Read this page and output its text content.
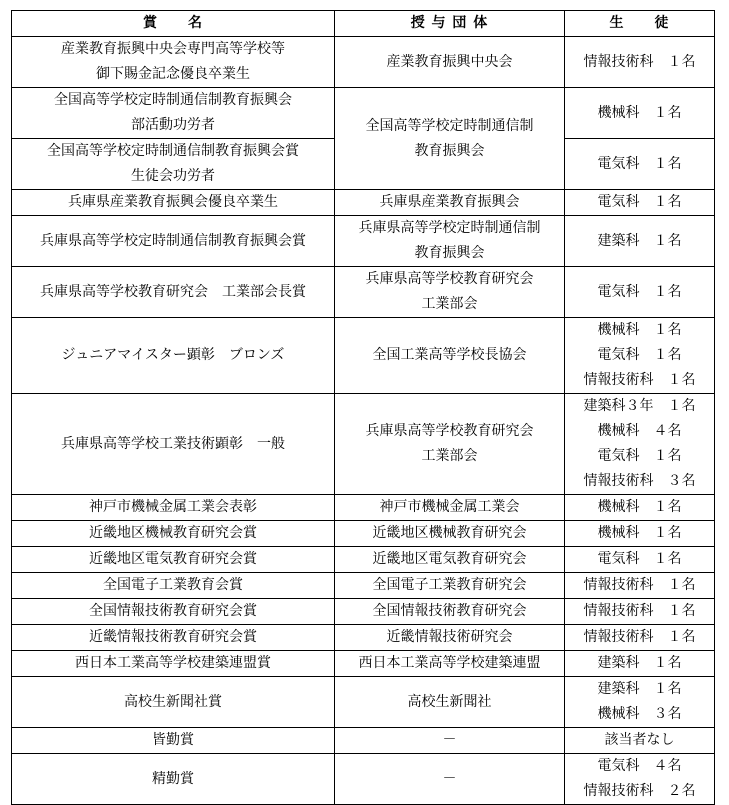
賞　　名	授 与 団 体	生　　徒

産業教育振興中央会専門高等学校等
御下賜金記念優良卒業生	産業教育振興中央会	情報技術科　１名

全国高等学校定時制通信制教育振興会
部活動功労者	全国高等学校定時制通信制
教育振興会	機械科　１名

全国高等学校定時制通信制教育振興会賞
生徒会功労者		電気科　１名

兵庫県産業教育振興会優良卒業生	兵庫県産業教育振興会	電気科　１名

兵庫県高等学校定時制通信制教育振興会賞	兵庫県高等学校定時制通信制
教育振興会	建築科　１名

兵庫県高等学校教育研究会　工業部会長賞	兵庫県高等学校教育研究会
工業部会	電気科　１名

ジュニアマイスター顕彰　ブロンズ	全国工業高等学校長協会	機械科　１名
電気科　１名
情報技術科　１名

兵庫県高等学校工業技術顕彰　一般	兵庫県高等学校教育研究会
工業部会	建築科３年　１名
機械科　４名
電気科　１名
情報技術科　３名

神戸市機械金属工業会表彰	神戸市機械金属工業会	機械科　１名

近畿地区機械教育研究会賞	近畿地区機械教育研究会	機械科　１名

近畿地区電気教育研究会賞	近畿地区電気教育研究会	電気科　１名

全国電子工業教育会賞	全国電子工業教育研究会	情報技術科　１名

全国情報技術教育研究会賞	全国情報技術教育研究会	情報技術科　１名

近畿情報技術教育研究会賞	近畿情報技術研究会	情報技術科　１名

西日本工業高等学校建築連盟賞	西日本工業高等学校建築連盟	建築科　１名

高校生新聞社賞	高校生新聞社	建築科　１名
機械科　３名

皆勤賞	－	該当者なし

精勤賞	－	電気科　４名
情報技術科　２名
